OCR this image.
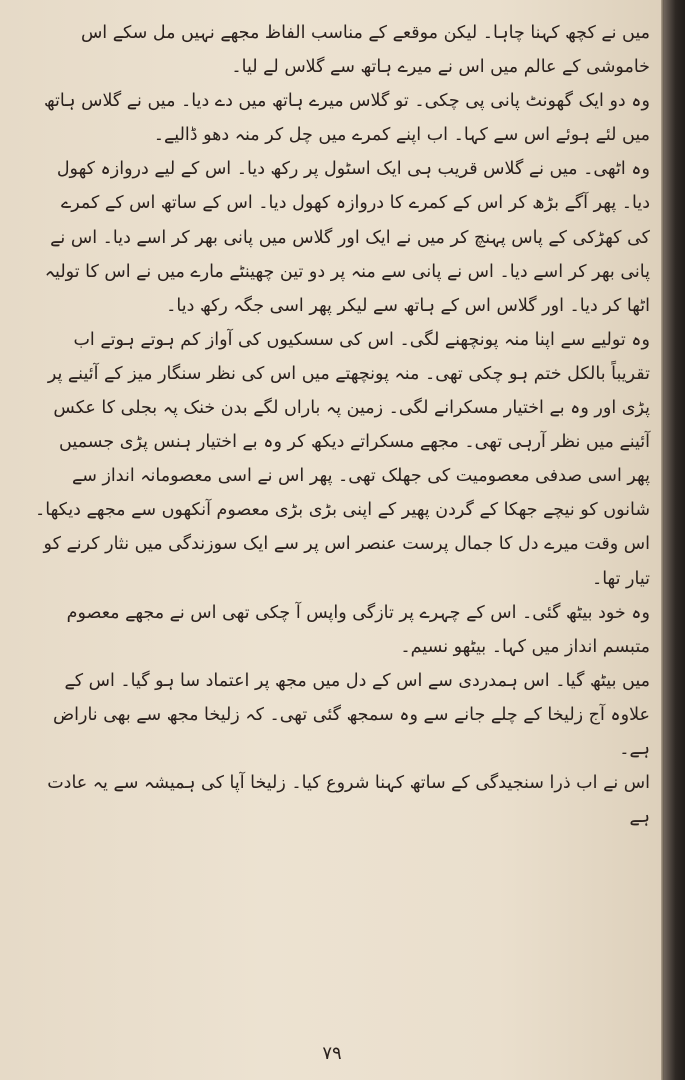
میں نے کچھ کہنا چاہا۔ لیکن موقعے کے مناسب الفاظ مجھے نہیں مل سکے اس خاموشی کے عالم میں اس نے میرے ہاتھ سے گلاس لے لیا۔

وہ دو ایک گھونٹ پانی پی چکی۔ تو گلاس میرے ہاتھ میں دے دیا۔ میں نے گلاس ہاتھ میں لئے ہوئے اس سے کہا۔ اب اپنے کمرے میں چل کر منہ دھو ڈالیے۔

وہ اٹھی۔ میں نے گلاس قریب ہی ایک اسٹول پر رکھ دیا۔ اس کے لیے دروازہ کھول دیا۔ پھر آگے بڑھ کر اس کے کمرے کا دروازہ کھول دیا۔ اس کے ساتھ اس کے کمرے کی کھڑکی کے پاس پہنچ کر میں نے ایک اور گلاس میں پانی بھر کر اسے دیا۔ اس نے پانی بھر کر اسے دیا۔ اس نے پانی سے منہ پر دو تین چھینٹے مارے میں نے اس کا تولیہ اٹھا کر دیا۔ اور گلاس اس کے ہاتھ سے لیکر پھر اسی جگہ رکھ دیا۔

وہ تولیے سے اپنا منہ پونچھنے لگی۔ اس کی سسکیوں کی آواز کم ہوتے ہوتے اب تقریباً بالکل ختم ہو چکی تھی۔ منہ پونچھتے میں اس کی نظر سنگار میز کے آئینے پر پڑی اور وہ بے اختیار مسکرانے لگی۔ زمین پہ باراں لگے بدن خنک پہ بجلی کا عکس آئینے میں نظر آرہی تھی۔ مجھے مسکراتے دیکھ کر وہ بے اختیار ہنس پڑی جسمیں پھر اسی صدفی معصومیت کی جھلک تھی۔ پھر اس نے اسی معصومانہ انداز سے شانوں کو نیچے جھکا کے گردن پھیر کے اپنی بڑی بڑی معصوم آنکھوں سے مجھے دیکھا۔ اس وقت میرے دل کا جمال پرست عنصر اس پر سے ایک سوزندگی میں نثار کرنے کو تیار تھا۔

وہ خود بیٹھ گئی۔ اس کے چہرے پر تازگی واپس آ چکی تھی اس نے مجھے معصوم متبسم انداز میں کہا۔ بیٹھو نسیم۔

میں بیٹھ گیا۔ اس ہمدردی سے اس کے دل میں مجھ پر اعتماد سا ہو گیا۔ اس کے علاوہ آج زلیخا کے چلے جانے سے وہ سمجھ گئی تھی۔ کہ زلیخا مجھ سے بھی ناراض ہے۔

اس نے اب ذرا سنجیدگی کے ساتھ کہنا شروع کیا۔ زلیخا آپا کی ہمیشہ سے یہ عادت ہے

۷۹
